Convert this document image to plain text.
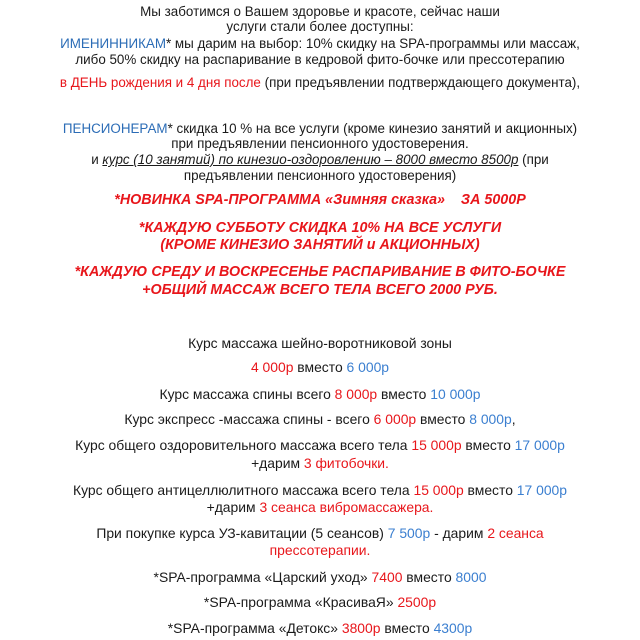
Мы заботимся о Вашем здоровье и красоте, сейчас наши
услуги стали более доступны:
ИМЕНИННИКАМ* мы дарим на выбор: 10% скидку на SPA-программы или массаж,
либо 50% скидку на распаривание в кедровой фито-бочке или прессотерапию
в ДЕНЬ рождения и 4 дня после (при предъявлении подтверждающего документа),
ПЕНСИОНЕРАМ* скидка 10 % на все услуги (кроме кинезио занятий и акционных)
при предъявлении пенсионного удостоверения.
и курс (10 занятий) по кинезио-оздоровлению – 8000 вместо 8500р (при
предъявлении пенсионного удостоверения)
*НОВИНКА SPA-ПРОГРАММА «Зимняя сказка» ЗА 5000Р
*КАЖДУЮ СУББОТУ СКИДКА 10% НА ВСЕ УСЛУГИ
(КРОМЕ КИНЕЗИО ЗАНЯТИЙ и АКЦИОННЫХ)
*КАЖДУЮ СРЕДУ И ВОСКРЕСЕНЬЕ РАСПАРИВАНИЕ В ФИТО-БОЧКЕ
+ОБЩИЙ МАССАЖ ВСЕГО ТЕЛА ВСЕГО 2000 РУБ.
Курс массажа шейно-воротниковой зоны
4 000р вместо 6 000р
Курс массажа спины всего 8 000р вместо 10 000р
Курс экспресс -массажа спины - всего 6 000р вместо 8 000р,
Курс общего оздоровительного массажа всего тела 15 000р вместо 17 000р
+дарим 3 фитобочки.
Курс общего антицеллюлитного массажа всего тела 15 000р вместо 17 000р
+дарим 3 сеанса вибромассажера.
При покупке курса УЗ-кавитации (5 сеансов) 7 500р - дарим 2 сеанса
прессотерапии.
*SPA-программа «Царский уход» 7400 вместо 8000
*SPA-программа «КрасиваЯ» 2500р
*SPA-программа «Детокс» 3800р вместо 4300р
